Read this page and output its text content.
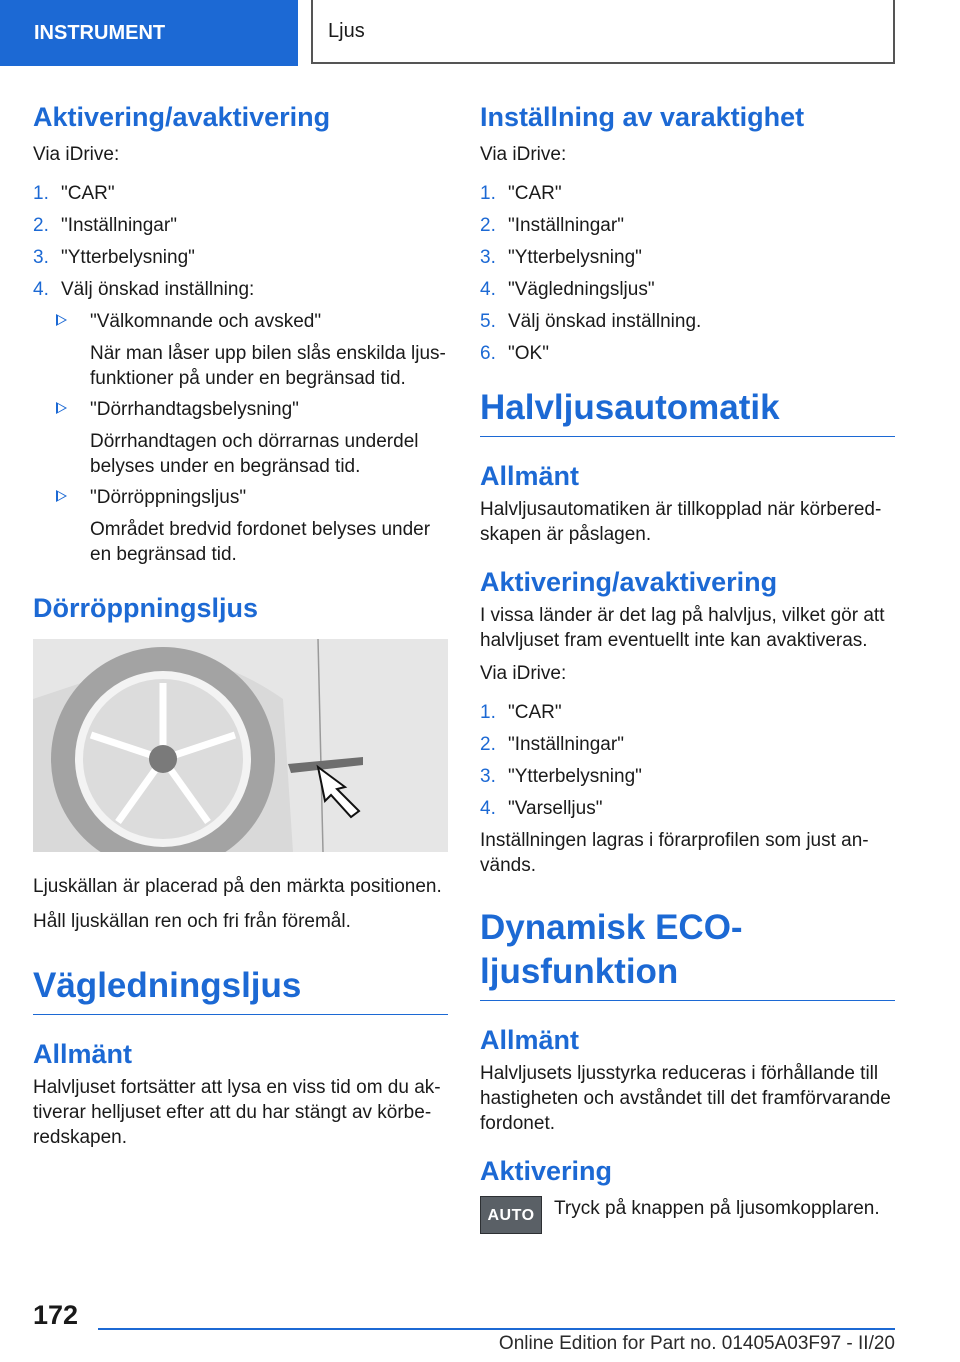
INSTRUMENT	Ljus
Aktivering/avaktivering

Via iDrive:

1. "CAR"
2. "Inställningar"
3. "Ytterbelysning"
4. Välj önskad inställning:
"Välkomnande och avsked"
När man låser upp bilen slås enskilda ljus-funktioner på under en begränsad tid.
"Dörrhandtagsbelysning"
Dörrhandtagen och dörrarnas underdel belyses under en begränsad tid.
"Dörröppningsljus"
Området bredvid fordonet belyses under en begränsad tid.
Dörröppningsljus

Ljuskällan är placerad på den märkta positionen.

Håll ljuskällan ren och fri från föremål.

Vägledningsljus
Allmänt

Halvljuset fortsätter att lysa en viss tid om du ak-tiverar helljuset efter att du har stängt av körbe-redskapen.

Inställning av varaktighet

Via iDrive:

1. "CAR"
2. "Inställningar"
3. "Ytterbelysning"
4. "Vägledningsljus"
5. Välj önskad inställning.
6. "OK"
Halvljusautomatik
Allmänt

Halvljusautomatiken är tillkopplad när körbered-skapen är påslagen.

Aktivering/avaktivering

I vissa länder är det lag på halvljus, vilket gör att halvljuset fram eventuellt inte kan avaktiveras.

Via iDrive:

1. "CAR"
2. "Inställningar"
3. "Ytterbelysning"
4. "Varselljus"

Inställningen lagras i förarprofilen som just an-vänds.

Dynamisk ECO-
ljusfunktion
Allmänt

Halvljusets ljusstyrka reduceras i förhållande till hastigheten och avståndet till det framförvarande fordonet.

Aktivering
AUTO Tryck på knappen på ljusomkopplaren.
172
Online Edition for Part no. 01405A03F97 - II/20
